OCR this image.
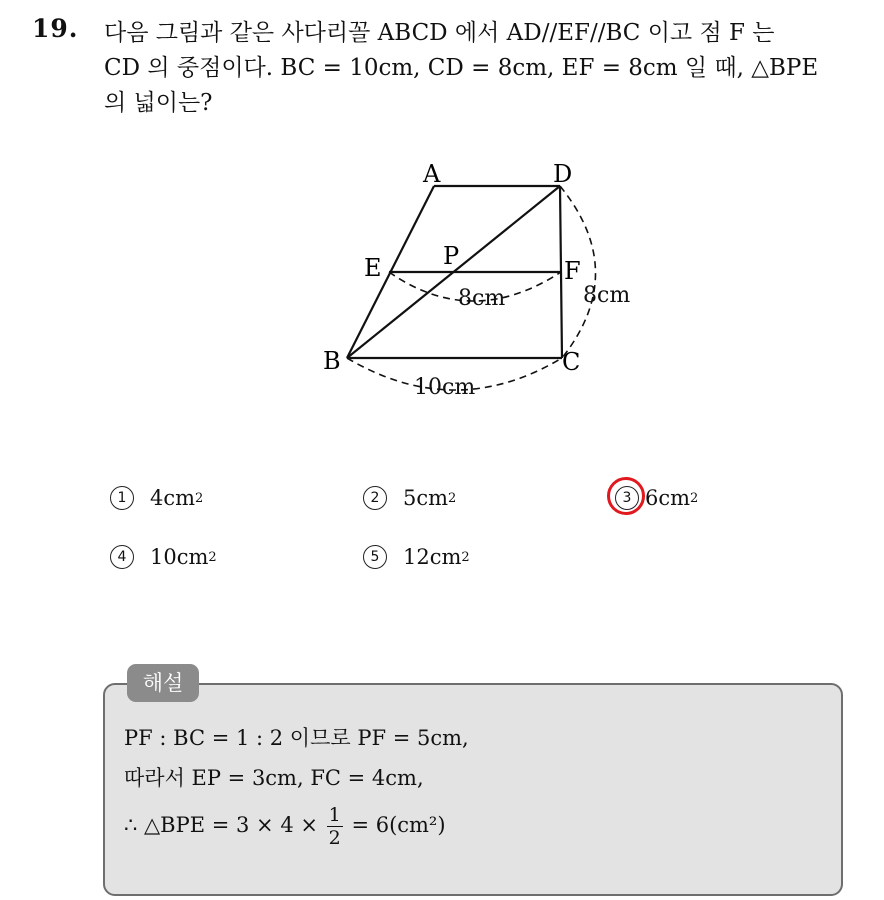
19. 다음 그림과 같은 사다리꼴 ABCD 에서 AD//EF//BC 이고 점 F 는
CD 의 중점이다. BC = 10cm, CD = 8cm, EF = 8cm 일 때, △BPE
의 넓이는?
A	D
E	P
F
B	C
8cm	8cm
10cm
1	4cm 2	2	5cm 2	3 6cm 2
4	10cm 2	5	12cm 2
해설
PF : BC = 1 : 2 이므로 PF = 5cm,
따라서 EP = 3cm, FC = 4cm,
∴ △BPE = $3 \times 4 \times \frac{1}{2} = 6(cm^2)$
